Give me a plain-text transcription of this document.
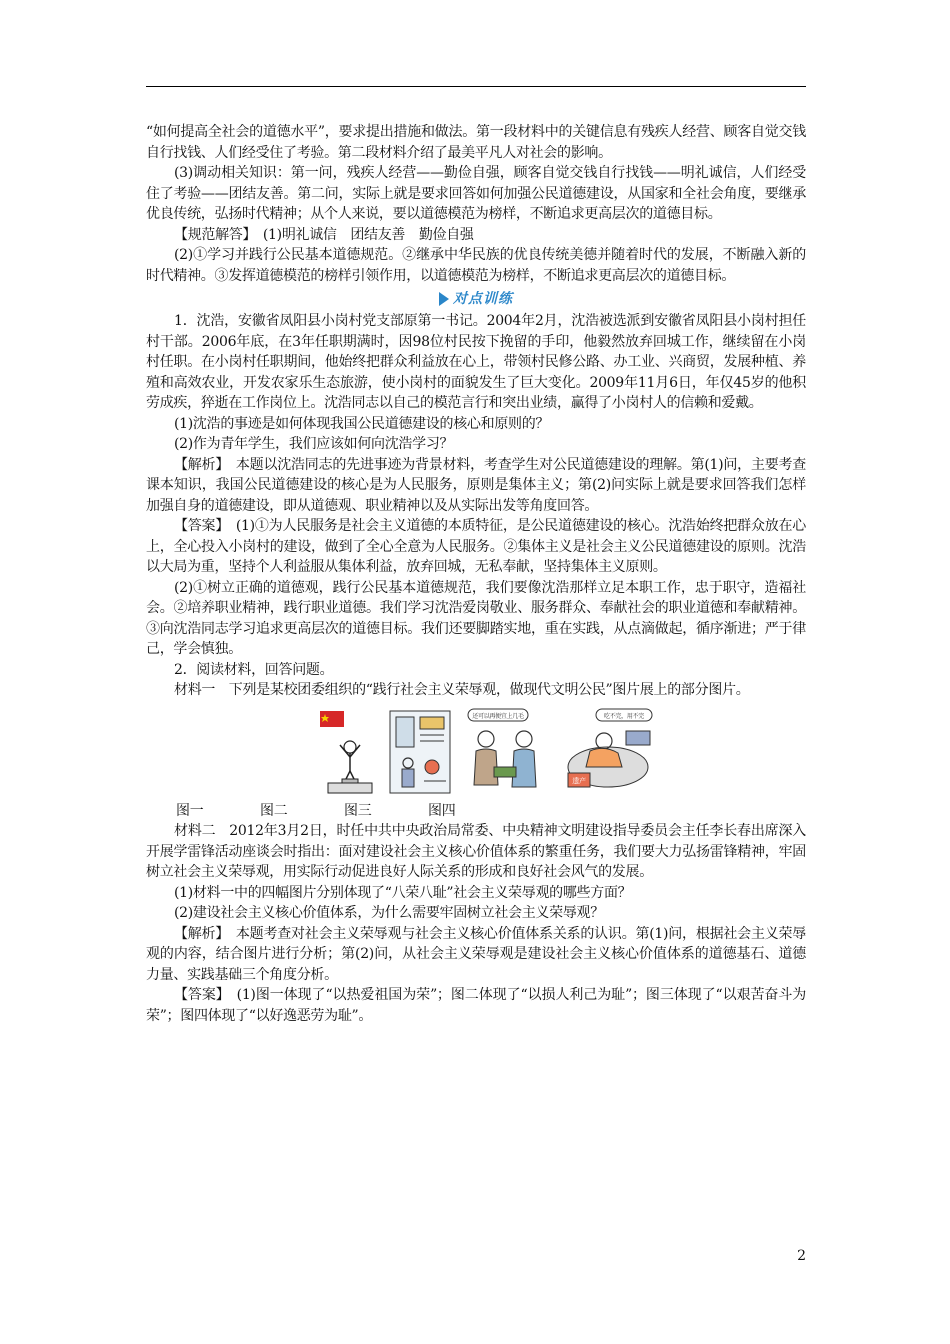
“如何提高全社会的道德水平”，要求提出措施和做法。第一段材料中的关键信息有残疾人经营、顾客自觉交钱自行找钱、人们经受住了考验。第二段材料介绍了最美平凡人对社会的影响。

(3)调动相关知识：第一问，残疾人经营——勤俭自强，顾客自觉交钱自行找钱——明礼诚信，人们经受住了考验——团结友善。第二问，实际上就是要求回答如何加强公民道德建设，从国家和全社会角度，要继承优良传统，弘扬时代精神；从个人来说，要以道德模范为榜样，不断追求更高层次的道德目标。

【规范解答】　(1)明礼诚信　团结友善　勤俭自强

(2)①学习并践行公民基本道德规范。②继承中华民族的优良传统美德并随着时代的发展，不断融入新的时代精神。③发挥道德模范的榜样引领作用，以道德模范为榜样，不断追求更高层次的道德目标。

对点训练

1．沈浩，安徽省凤阳县小岗村党支部原第一书记。2004年2月，沈浩被选派到安徽省凤阳县小岗村担任村干部。2006年底，在3年任职期满时，因98位村民按下挽留的手印，他毅然放弃回城工作，继续留在小岗村任职。在小岗村任职期间，他始终把群众利益放在心上，带领村民修公路、办工业、兴商贸，发展种植、养殖和高效农业，开发农家乐生态旅游，使小岗村的面貌发生了巨大变化。2009年11月6日，年仅45岁的他积劳成疾，猝逝在工作岗位上。沈浩同志以自己的模范言行和突出业绩，赢得了小岗村人的信赖和爱戴。

(1)沈浩的事迹是如何体现我国公民道德建设的核心和原则的？

(2)作为青年学生，我们应该如何向沈浩学习？

【解析】　本题以沈浩同志的先进事迹为背景材料，考查学生对公民道德建设的理解。第(1)问，主要考查课本知识，我国公民道德建设的核心是为人民服务，原则是集体主义；第(2)问实际上就是要求回答我们怎样加强自身的道德建设，即从道德观、职业精神以及从实际出发等角度回答。

【答案】　(1)①为人民服务是社会主义道德的本质特征，是公民道德建设的核心。沈浩始终把群众放在心上，全心投入小岗村的建设，做到了全心全意为人民服务。②集体主义是社会主义公民道德建设的原则。沈浩以大局为重，坚持个人利益服从集体利益，放弃回城，无私奉献，坚持集体主义原则。

(2)①树立正确的道德观，践行公民基本道德规范，我们要像沈浩那样立足本职工作，忠于职守，造福社会。②培养职业精神，践行职业道德。我们学习沈浩爱岗敬业、服务群众、奉献社会的职业道德和奉献精神。③向沈浩同志学习追求更高层次的道德目标。我们还要脚踏实地，重在实践，从点滴做起，循序渐进；严于律己，学会慎独。

2．阅读材料，回答问题。

材料一　下列是某校团委组织的“践行社会主义荣辱观，做现代文明公民”图片展上的部分图片。

还可以再便宜上几毛	吃不完，用不完
遗产
图一	图二	图三	图四

材料二　2012年3月2日，时任中共中央政治局常委、中央精神文明建设指导委员会主任李长春出席深入开展学雷锋活动座谈会时指出：面对建设社会主义核心价值体系的繁重任务，我们要大力弘扬雷锋精神，牢固树立社会主义荣辱观，用实际行动促进良好人际关系的形成和良好社会风气的发展。

(1)材料一中的四幅图片分别体现了“八荣八耻”社会主义荣辱观的哪些方面？

(2)建设社会主义核心价值体系，为什么需要牢固树立社会主义荣辱观？

【解析】　本题考查对社会主义荣辱观与社会主义核心价值体系关系的认识。第(1)问，根据社会主义荣辱观的内容，结合图片进行分析；第(2)问，从社会主义荣辱观是建设社会主义核心价值体系的道德基石、道德力量、实践基础三个角度分析。

【答案】　(1)图一体现了“以热爱祖国为荣”；图二体现了“以损人利己为耻”；图三体现了“以艰苦奋斗为荣”；图四体现了“以好逸恶劳为耻”。

2
